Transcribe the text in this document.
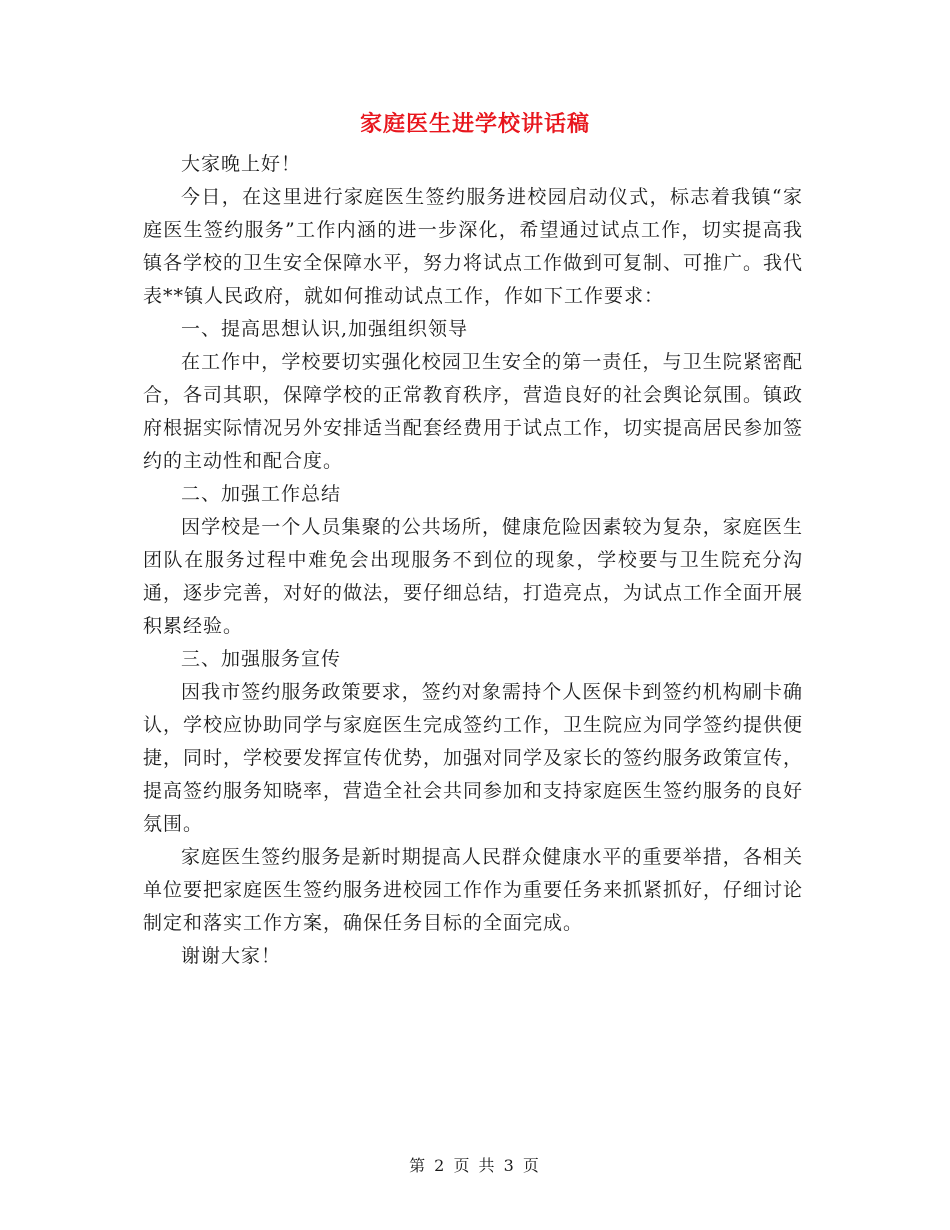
家庭医生进学校讲话稿

大家晚上好！

今日，在这里进行家庭医生签约服务进校园启动仪式，标志着我镇“家庭医生签约服务”工作内涵的进一步深化，希望通过试点工作，切实提高我镇各学校的卫生安全保障水平，努力将试点工作做到可复制、可推广。我代表**镇人民政府，就如何推动试点工作，作如下工作要求：

一、提高思想认识,加强组织领导

在工作中，学校要切实强化校园卫生安全的第一责任，与卫生院紧密配合，各司其职，保障学校的正常教育秩序，营造良好的社会舆论氛围。镇政府根据实际情况另外安排适当配套经费用于试点工作，切实提高居民参加签约的主动性和配合度。

二、加强工作总结

因学校是一个人员集聚的公共场所，健康危险因素较为复杂，家庭医生团队在服务过程中难免会出现服务不到位的现象，学校要与卫生院充分沟通，逐步完善，对好的做法，要仔细总结，打造亮点，为试点工作全面开展积累经验。

三、加强服务宣传

因我市签约服务政策要求，签约对象需持个人医保卡到签约机构刷卡确认，学校应协助同学与家庭医生完成签约工作，卫生院应为同学签约提供便捷，同时，学校要发挥宣传优势，加强对同学及家长的签约服务政策宣传，提高签约服务知晓率，营造全社会共同参加和支持家庭医生签约服务的良好氛围。

家庭医生签约服务是新时期提高人民群众健康水平的重要举措，各相关单位要把家庭医生签约服务进校园工作作为重要任务来抓紧抓好，仔细讨论制定和落实工作方案，确保任务目标的全面完成。

谢谢大家！

第 2 页 共 3 页
